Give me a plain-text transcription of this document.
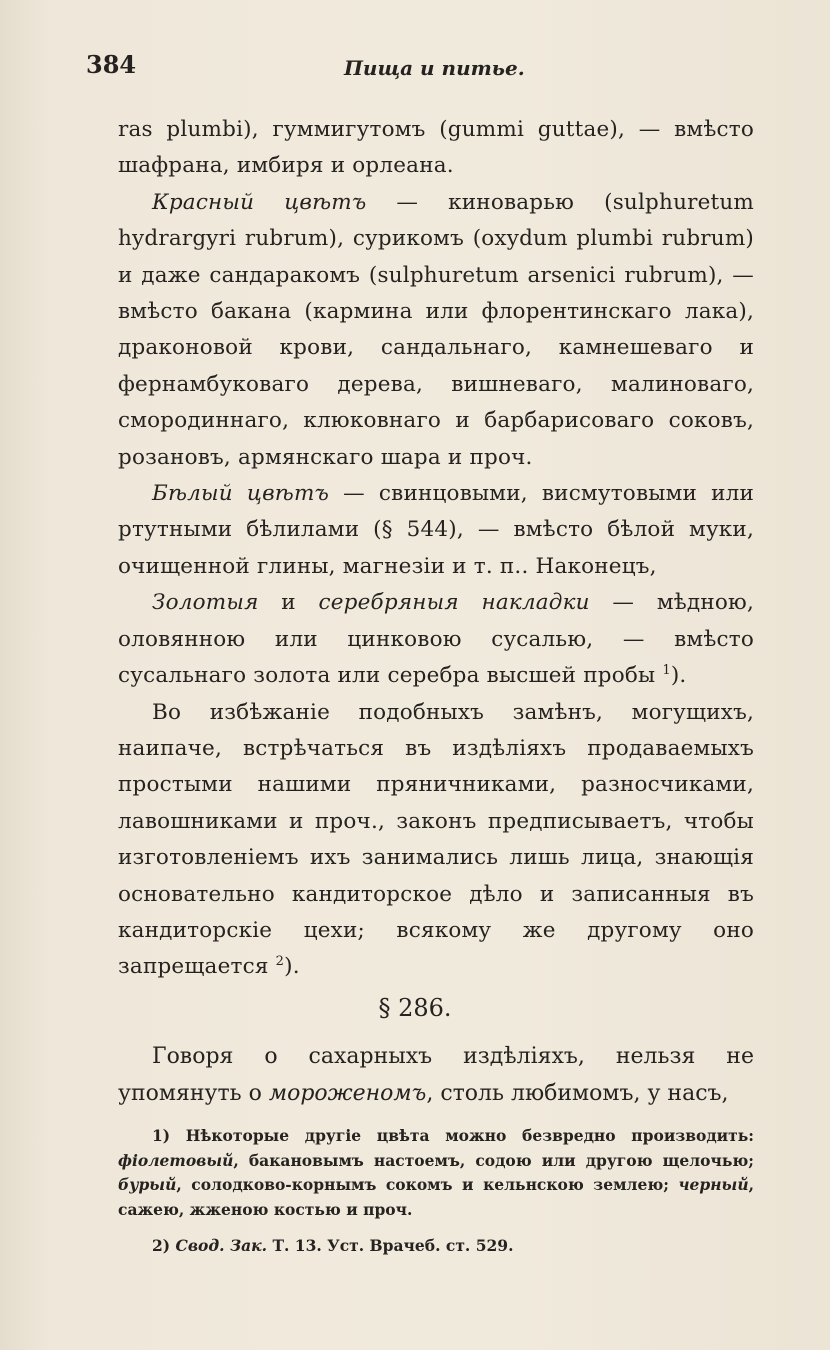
384	Пища и питье.

ras plumbi), гуммигутомъ (gummi guttae), — вмѣсто шафрана, имбиря и орлеана.

Красный цвѣтъ — киноварью (sulphuretum hydrargyri rubrum), сурикомъ (oxydum plumbi rubrum) и даже сандаракомъ (sulphuretum arsenici rubrum), — вмѣсто бакана (кармина или флорентинскаго лака), драконовой крови, сандальнаго, камнешеваго и фернамбуковаго дерева, вишневаго, малиноваго, смородиннаго, клюковнаго и барбарисоваго соковъ, розановъ, армянскаго шара и проч.

Бѣлый цвѣтъ — свинцовыми, висмутовыми или ртутными бѣлилами (§ 544), — вмѣсто бѣлой муки, очищенной глины, магнезіи и т. п.. Наконецъ,

Золотыя и серебряныя накладки — мѣдною, оловянною или цинковою сусалью, — вмѣсто сусальнаго золота или серебра высшей пробы $^1$).

Во избѣжаніе подобныхъ замѣнъ, могущихъ, наипаче, встрѣчаться въ издѣліяхъ продаваемыхъ простыми нашими пряничниками, разносчиками, лавошниками и проч., законъ предписываетъ, чтобы изготовленіемъ ихъ занимались лишь лица, знающія основательно кандиторское дѣло и записанныя въ кандиторскіе цехи; всякому же другому оно запрещается $^2$).

§ 286.

Говоря о сахарныхъ издѣліяхъ, нельзя не упомянуть о мороженомъ, столь любимомъ, у насъ,

1) Нѣкоторые другіе цвѣта можно безвредно производить: фіолетовый, бакановымъ настоемъ, содою или другою щелочью; бурый, солодково-корнымъ сокомъ и кельнскою землею; черный, сажею, жженою костью и проч.

2) Свод. Зак. Т. 13. Уст. Врачеб. ст. 529.
